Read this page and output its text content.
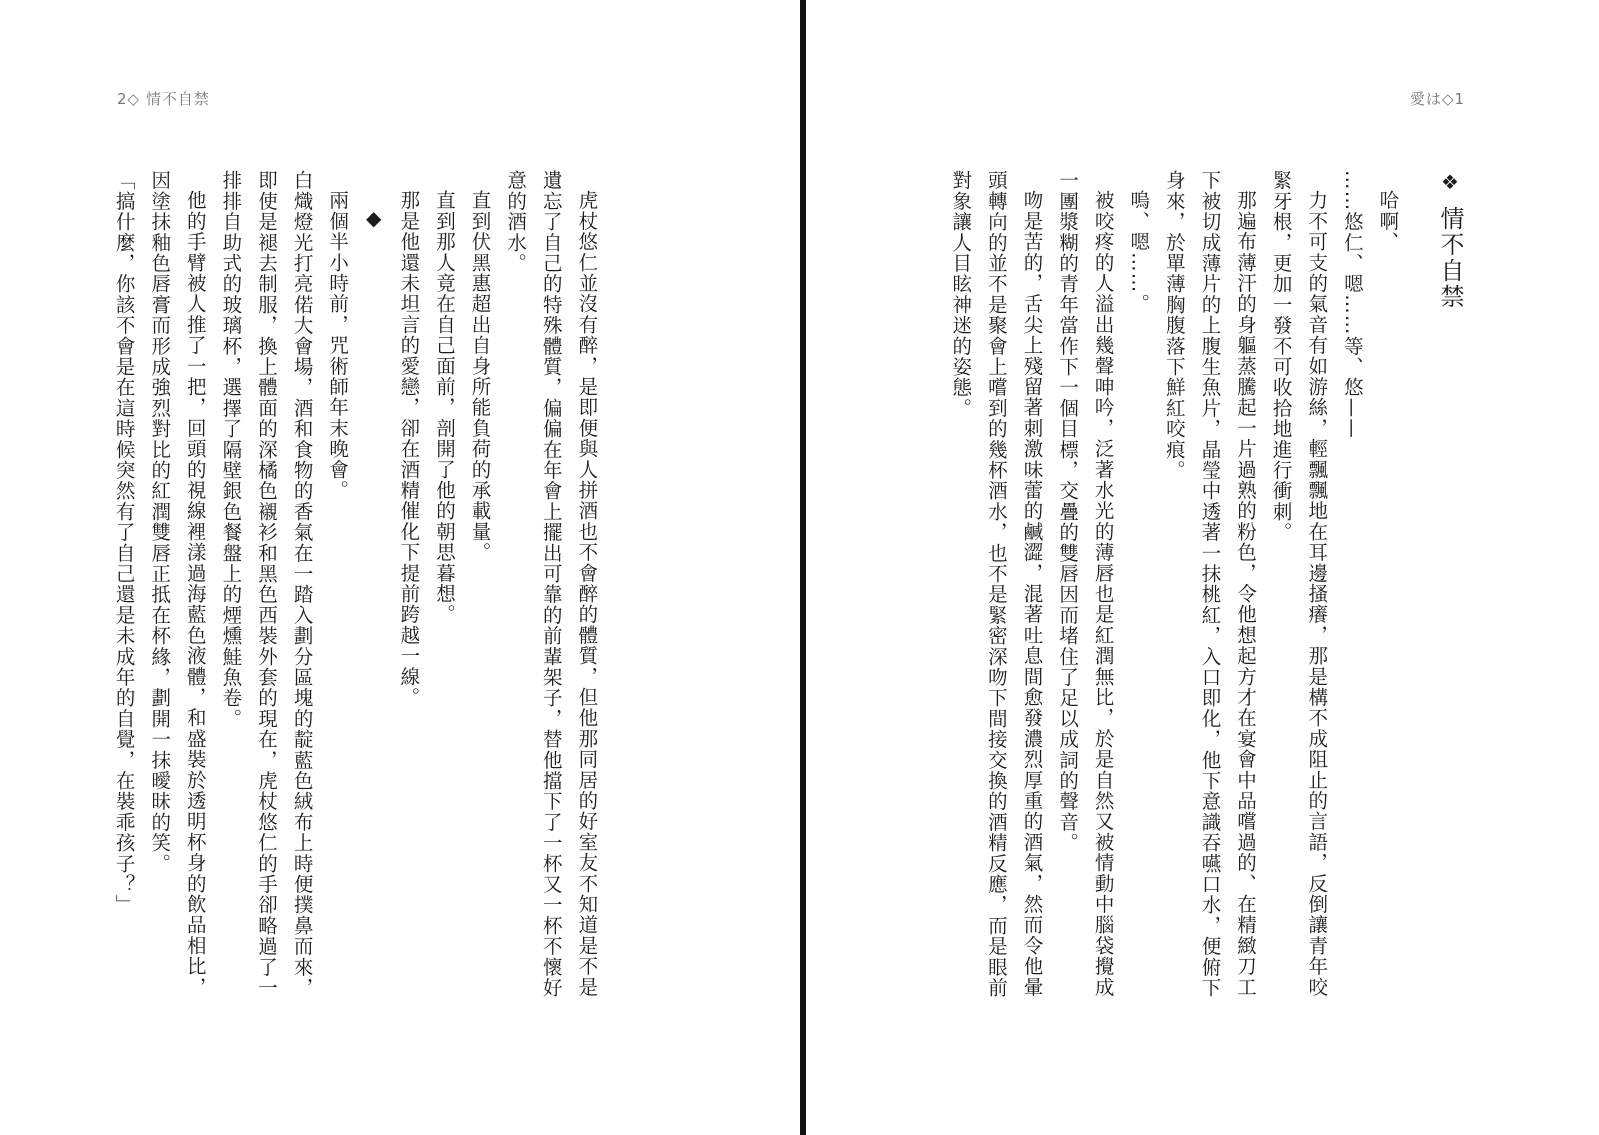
2◇ 情不自禁	愛は◇1

❖情不自禁

哈啊、

……悠仁、嗯……等、悠——

力不可支的氣音有如游絲，輕飄飄地在耳邊搔癢，那是構不成阻止的言語，反倒讓青年咬緊牙根，更加一發不可收拾地進行衝刺。

那遍布薄汗的身軀蒸騰起一片過熟的粉色，令他想起方才在宴會中品嚐過的、在精緻刀工下被切成薄片的上腹生魚片，晶瑩中透著一抹桃紅，入口即化，他下意識吞嚥口水，便俯下身來，於單薄胸腹落下鮮紅咬痕。

嗚、嗯……。

被咬疼的人溢出幾聲呻吟，泛著水光的薄唇也是紅潤無比，於是自然又被情動中腦袋攪成一團漿糊的青年當作下一個目標，交疊的雙唇因而堵住了足以成詞的聲音。

吻是苦的，舌尖上殘留著刺激味蕾的鹹澀，混著吐息間愈發濃烈厚重的酒氣，然而令他暈頭轉向的並不是聚會上嚐到的幾杯酒水，也不是緊密深吻下間接交換的酒精反應，而是眼前對象讓人目眩神迷的姿態。

虎杖悠仁並沒有醉，是即便與人拼酒也不會醉的體質，但他那同居的好室友不知道是不是遺忘了自己的特殊體質，偏偏在年會上擺出可靠的前輩架子，替他擋下了一杯又一杯不懷好意的酒水。

直到伏黑惠超出自身所能負荷的承載量。

直到那人竟在自己面前，剖開了他的朝思暮想。

那是他還未坦言的愛戀，卻在酒精催化下提前跨越一線。

◆

兩個半小時前，咒術師年末晚會。

白熾燈光打亮偌大會場，酒和食物的香氣在一踏入劃分區塊的靛藍色絨布上時便撲鼻而來，即使是褪去制服，換上體面的深橘色襯衫和黑色西裝外套的現在，虎杖悠仁的手卻略過了一排排自助式的玻璃杯，選擇了隔壁銀色餐盤上的煙燻鮭魚卷。

他的手臂被人推了一把，回頭的視線裡漾過海藍色液體，和盛裝於透明杯身的飲品相比，因塗抹釉色唇膏而形成強烈對比的紅潤雙唇正抵在杯緣，劃開一抹曖昧的笑。

「搞什麼，你該不會是在這時候突然有了自己還是未成年的自覺，在裝乖孩子？」
